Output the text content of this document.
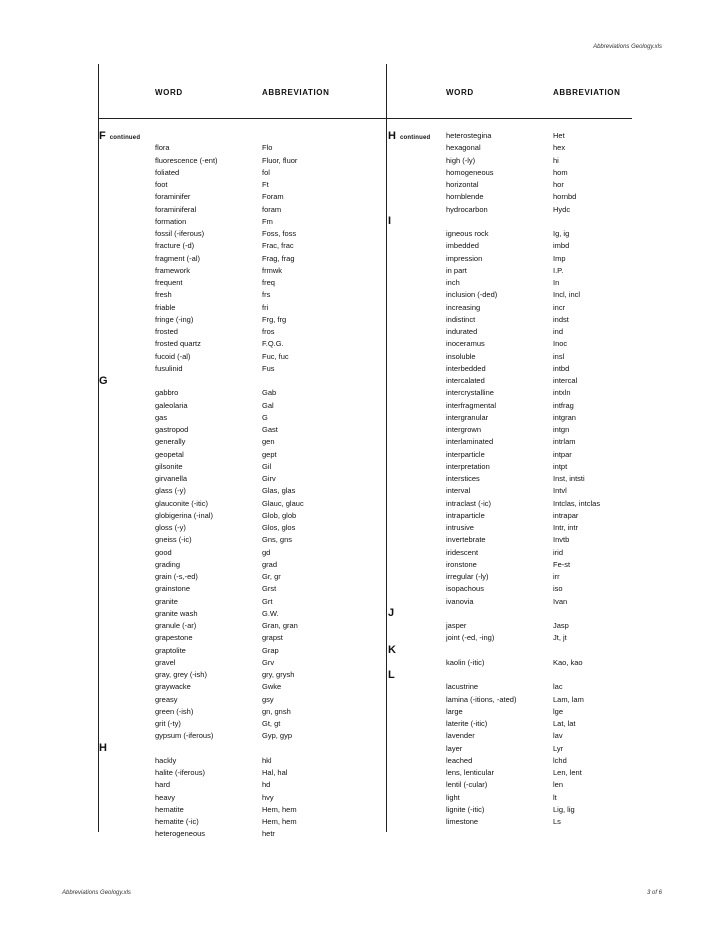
Abbreviations Geology.xls
WORD	ABBREVIATION	WORD	ABBREVIATION
Fcontinued
flora	Flo
fluorescence (-ent)	Fluor, fluor
foliated	fol
foot	Ft
foraminifer	Foram
foraminiferal	foram
formation	Fm
fossil (-iferous)	Foss, foss
fracture (-d)	Frac, frac
fragment (-al)	Frag, frag
framework	frmwk
frequent	freq
fresh	frs
friable	fri
fringe (-ing)	Frg, frg
frosted	fros
frosted quartz	F.Q.G.
fucoid (-al)	Fuc, fuc
fusulinid	Fus
G
gabbro	Gab
galeolaria	Gal
gas	G
gastropod	Gast
generally	gen
geopetal	gept
gilsonite	Gil
girvanella	Girv
glass (-y)	Glas, glas
glauconite (-itic)	Glauc, glauc
globigerina (-inal)	Glob, glob
gloss (-y)	Glos, glos
gneiss (-ic)	Gns, gns
good	gd
grading	grad
grain (-s,-ed)	Gr, gr
grainstone	Grst
granite	Grt
granite wash	G.W.
granule (-ar)	Gran, gran
grapestone	grapst
graptolite	Grap
gravel	Grv
gray, grey (-ish)	gry, grysh
graywacke	Gwke
greasy	gsy
green (-ish)	gn, gnsh
grit (-ty)	Gt, gt
gypsum (-iferous)	Gyp, gyp
H
hackly	hkl
halite (-iferous)	Hal, hal
hard	hd
heavy	hvy
hematite	Hem, hem
hematite (-ic)	Hem, hem
heterogeneous	hetr
Hcontinued heterostegina	Het
hexagonal	hex
high (-ly)	hi
homogeneous	hom
horizontal	hor
hornblende	hornbd
hydrocarbon	Hydc
I
igneous rock	Ig, ig
imbedded	imbd
impression	Imp
in part	I.P.
inch	In
inclusion (-ded)	Incl, incl
increasing	incr
indistinct	indst
indurated	ind
inoceramus	Inoc
insoluble	insl
interbedded	intbd
intercalated	intercal
intercrystalline	intxln
interfragmental	intfrag
intergranular	intgran
intergrown	intgn
interlaminated	intrlam
interparticle	intpar
interpretation	intpt
interstices	Inst, intsti
interval	Intvl
intraclast (-ic)	Intclas, intclas
intraparticle	intrapar
intrusive	Intr, intr
invertebrate	Invtb
iridescent	irid
ironstone	Fe-st
irregular (-ly)	irr
isopachous	iso
ivanovia	Ivan
J
jasper	Jasp
joint (-ed, -ing)	Jt, jt
K
kaolin (-itic)	Kao, kao
L
lacustrine	lac
lamina (-itions, -ated)	Lam, lam
large	lge
laterite (-itic)	Lat, lat
lavender	lav
layer	Lyr
leached	lchd
lens, lenticular	Len, lent
lentil (-cular)	len
light	lt
lignite (-itic)	Lig, lig
limestone	Ls
Abbreviations Geology.xls	3 of 6
